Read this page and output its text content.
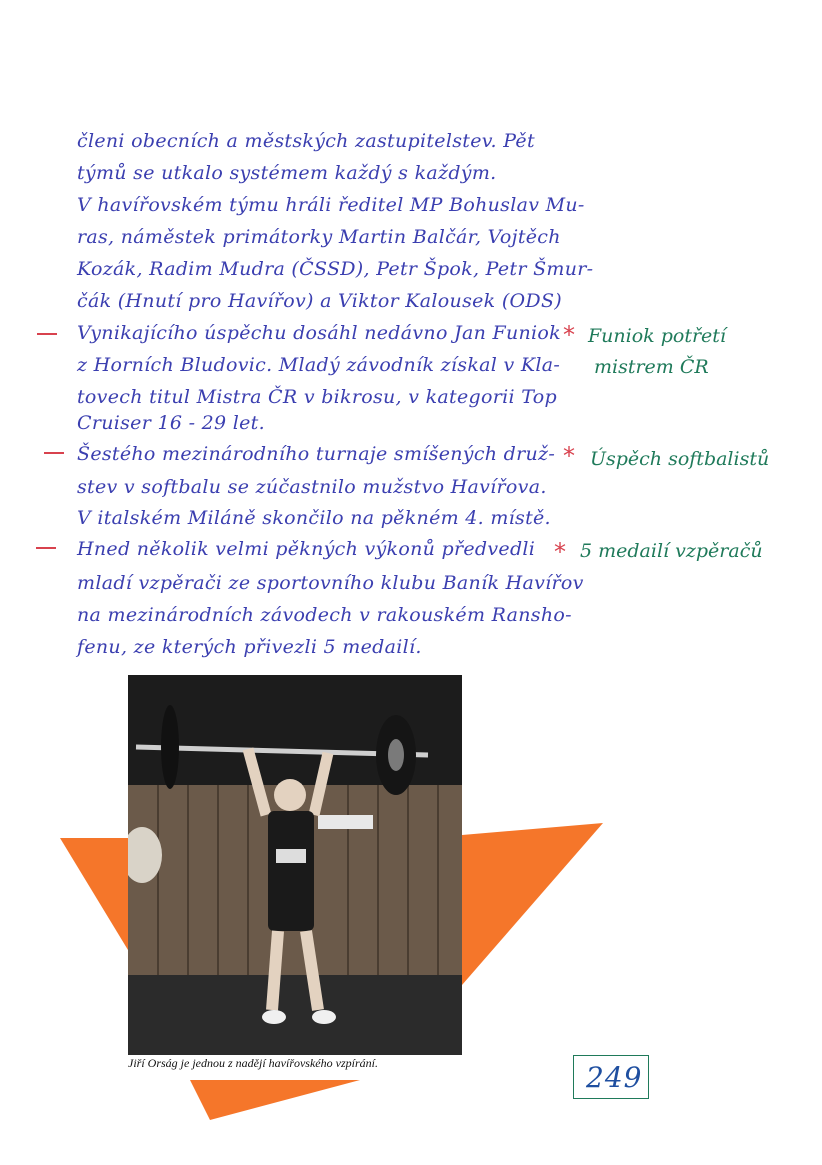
členi obecních a městských zastupitelstev. Pět

týmů se utkalo systémem každý s každým.

V havířovském týmu hráli ředitel MP Bohuslav Mu-

ras, náměstek primátorky Martin Balčár, Vojtěch

Kozák, Radim Mudra (ČSSD), Petr Špok, Petr Šmur-

čák (Hnutí pro Havířov) a Viktor Kalousek (ODS)

Vynikajícího úspěchu dosáhl nedávno Jan Funiok * Funiok potřetí

z Horních Bludovic. Mladý závodník získal v Kla- mistrem ČR

tovech titul Mistra ČR v bikrosu, v kategorii Top

Cruiser 16 - 29 let.

Šestého mezinárodního turnaje smíšených druž- * Úspěch softbalistů

stev v softbalu se zúčastnilo mužstvo Havířova.

V italském Miláně skončilo na pěkném 4. místě.

Hned několik velmi pěkných výkonů předvedli * 5 medailí vzpěračů

mladí vzpěrači ze sportovního klubu Baník Havířov

na mezinárodních závodech v rakouském Ransho-

fenu, ze kterých přivezli 5 medailí.

Jiří Orság je jednou z nadějí havířovského vzpírání.	249
